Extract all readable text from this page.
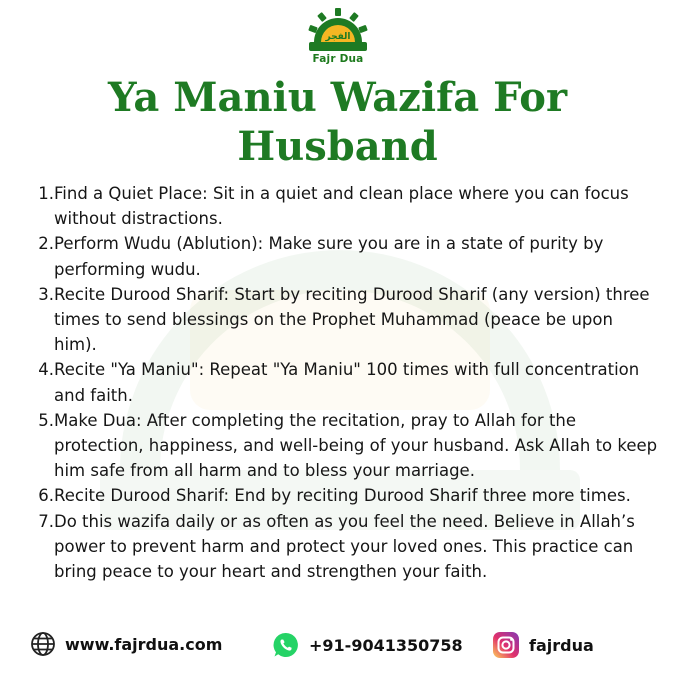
الفجر
Fajr Dua
Ya Maniu Wazifa For Husband
1. Find a Quiet Place: Sit in a quiet and clean place where you can focus without distractions.
2. Perform Wudu (Ablution): Make sure you are in a state of purity by performing wudu.
3. Recite Durood Sharif: Start by reciting Durood Sharif (any version) three times to send blessings on the Prophet Muhammad (peace be upon him).
4. Recite "Ya Maniu": Repeat "Ya Maniu" 100 times with full concentration and faith.
5. Make Dua: After completing the recitation, pray to Allah for the protection, happiness, and well-being of your husband. Ask Allah to keep him safe from all harm and to bless your marriage.
6. Recite Durood Sharif: End by reciting Durood Sharif three more times.
7. Do this wazifa daily or as often as you feel the need. Believe in Allah’s power to prevent harm and protect your loved ones. This practice can bring peace to your heart and strengthen your faith.
www.fajrdua.com	+91-9041350758	fajrdua
